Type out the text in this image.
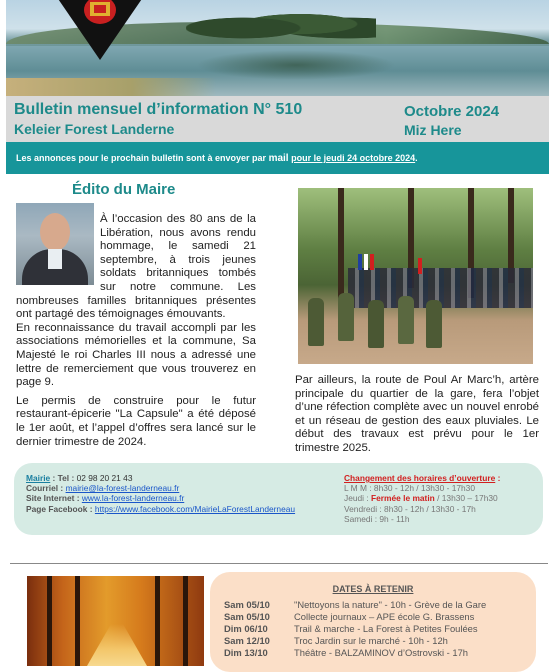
Bulletin mensuel d’information N° 510
Keleier Forest Landerne
Octobre 2024
Miz Here
Les annonces pour le prochain bulletin sont à envoyer par mail pour le jeudi 24 octobre 2024.
Édito du Maire

À l’occasion des 80 ans de la Libération, nous avons rendu hommage, le samedi 21 septembre, à trois jeunes soldats britanniques tombés sur notre commune. Les nombreuses familles britanniques présentes ont partagé des témoignages émouvants.

En reconnaissance du travail accompli par les associations mémorielles et la commune, Sa Majesté le roi Charles III nous a adressé une lettre de remerciement que vous trouverez en page 9.

Le permis de construire pour le futur restaurant-épicerie "La Capsule" a été déposé le 1er août, et l’appel d’offres sera lancé sur le dernier trimestre de 2024.

Par ailleurs, la route de Poul Ar Marc’h, artère principale du quartier de la gare, fera l’objet d’une réfection complète avec un nouvel enrobé et un réseau de gestion des eaux pluviales. Le début des travaux est prévu pour le 1er trimestre 2025.
Mairie : Tel : 02 98 20 21 43
Courriel : mairie@la-forest-landerneau.fr
Site Internet : www.la-forest-landerneau.fr
Page Facebook : https://www.facebook.com/MairieLaForestLanderneau
Changement des horaires d’ouverture :
L M M : 8h30 - 12h / 13h30 - 17h30
Jeudi : Fermée le matin / 13h30 – 17h30
Vendredi : 8h30 - 12h / 13h30 - 17h
Samedi : 9h - 11h
DATES À RETENIR
Sam 05/10	"Nettoyons la nature" - 10h - Grève de la Gare
Sam 05/10	Collecte journaux – APE école G. Brassens
Dim 06/10	Trail & marche - La Forest à Petites Foulées
Sam 12/10	Troc Jardin sur le marché - 10h - 12h
Dim 13/10	Théâtre - BALZAMINOV d’Ostrovski - 17h
